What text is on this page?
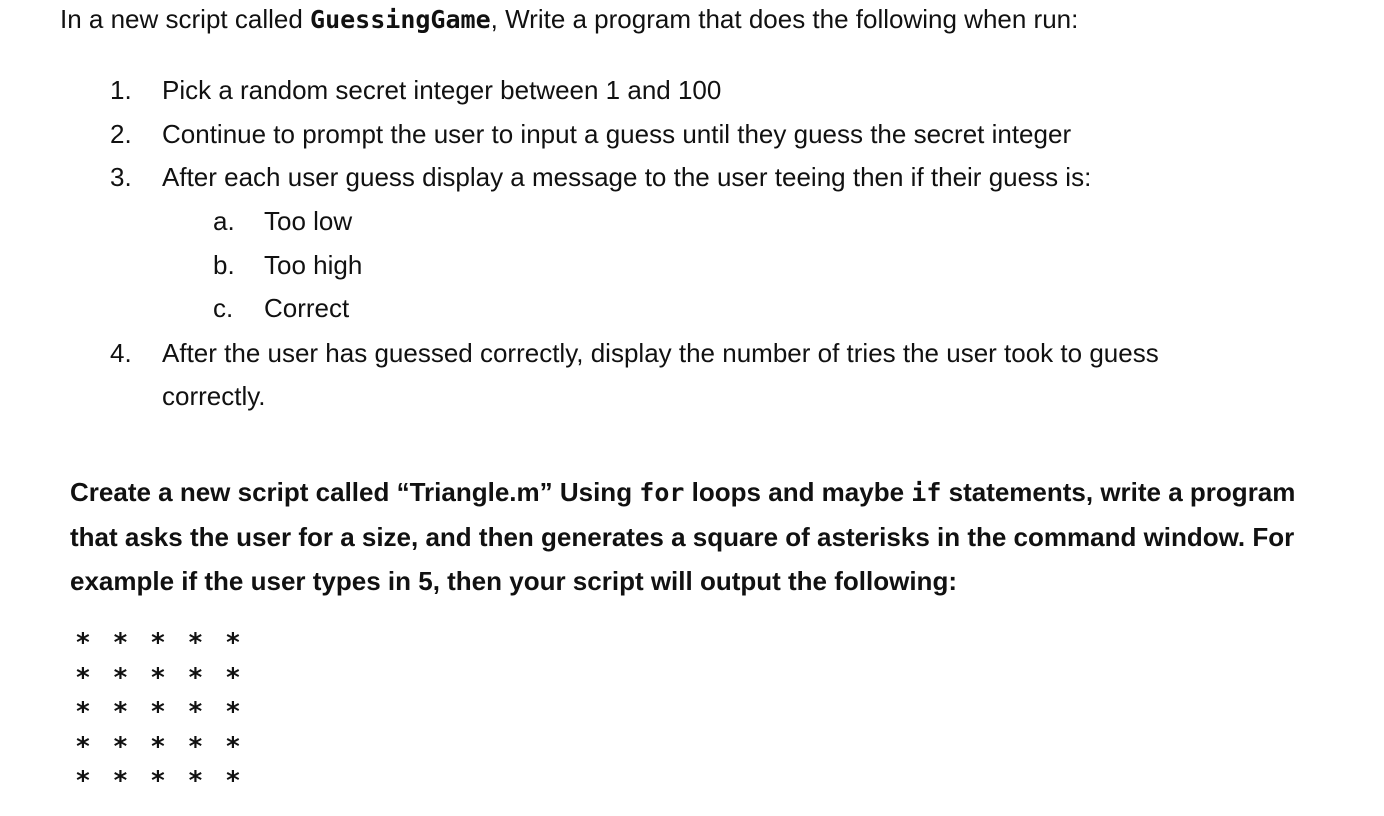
In a new script called GuessingGame, Write a program that does the following when run:
1.	Pick a random secret integer between 1 and 100
2.	Continue to prompt the user to input a guess until they guess the secret integer
3.	After each user guess display a message to the user teeing then if their guess is:
a.	Too low
b.	Too high
c.	Correct
4.	After the user has guessed correctly, display the number of tries the user took to guess
correctly.
Create a new script called “Triangle.m” Using for loops and maybe if statements, write a program
that asks the user for a size, and then generates a square of asterisks in the command window. For
example if the user types in 5, then your script will output the following:
* * * * *
* * * * *
* * * * *
* * * * *
* * * * *
